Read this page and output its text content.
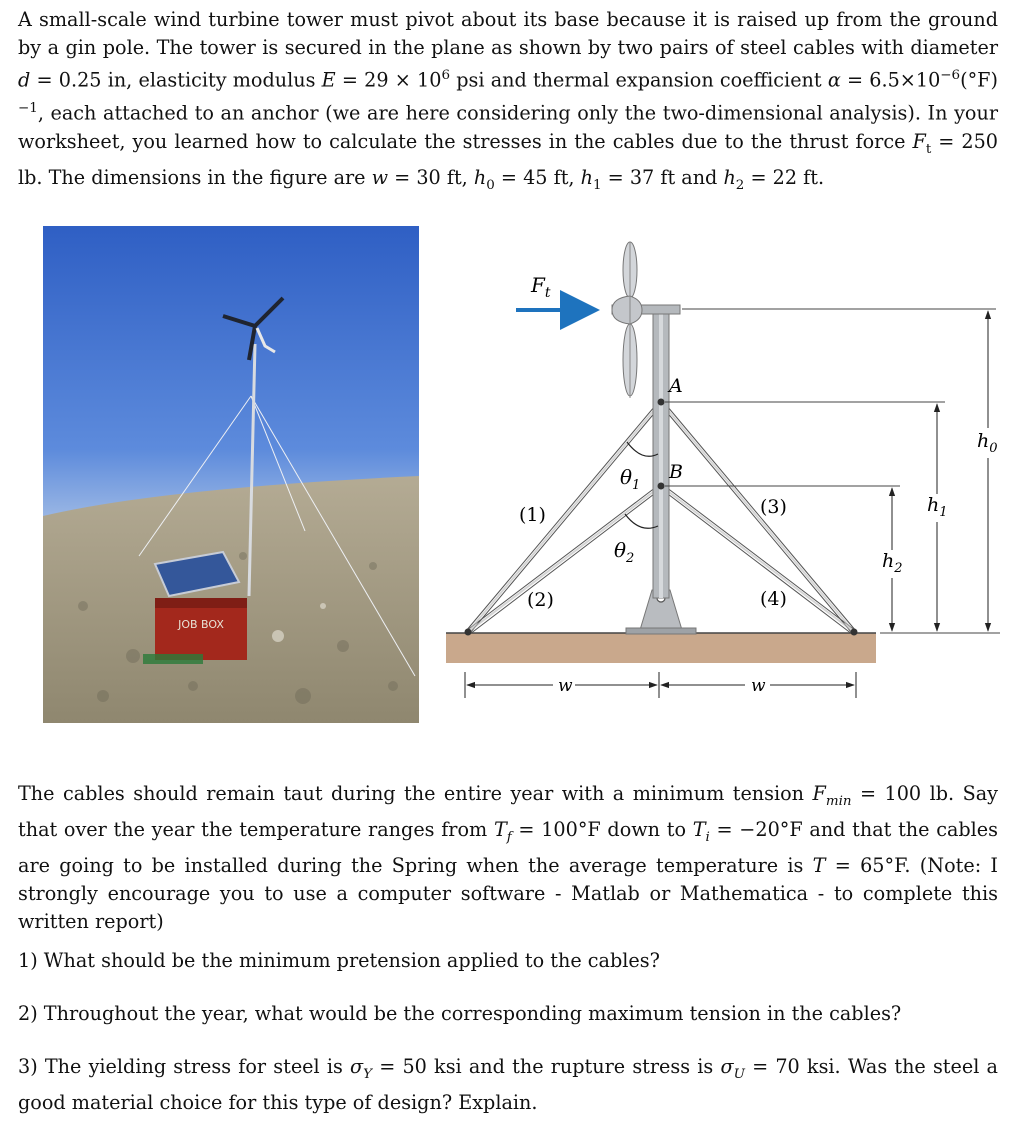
A small-scale wind turbine tower must pivot about its base because it is raised up from the ground by a gin pole. The tower is secured in the plane as shown by two pairs of steel cables with diameter d = 0.25 in, elasticity modulus $E = 29 \times 10^6$ psi and thermal expansion coefficient $\alpha = 6.5\times 10^{-6}(^\circ F)^{-1}$, each attached to an anchor (we are here considering only the two-dimensional analysis). In your worksheet, you learned how to calculate the stresses in the cables due to the thrust force $F_t = 250$ lb. The dimensions in the figure are w = 30 ft, $h_0 = 45$ ft, $h_1 = 37$ ft and $h_2 = 22$ ft.
JOB BOX
$F_t$
A
B
$\theta_1$
$\theta_2$
(1)
(2)
(3)
(4)
$h_0$
$h_1$
$h_2$
w	w
The cables should remain taut during the entire year with a minimum tension $F_{min} = 100$ lb. Say that over the year the temperature ranges from $T_f = 100^\circ F$ down to $T_i = -20^\circ F$ and that the cables are going to be installed during the Spring when the average temperature is T = 65°F. (Note: I strongly encourage you to use a computer software - Matlab or Mathematica - to complete this written report)
1) What should be the minimum pretension applied to the cables?
2) Throughout the year, what would be the corresponding maximum tension in the cables?
3) The yielding stress for steel is $\sigma_Y = 50$ ksi and the rupture stress is $\sigma_U = 70$ ksi. Was the steel a good material choice for this type of design? Explain.
